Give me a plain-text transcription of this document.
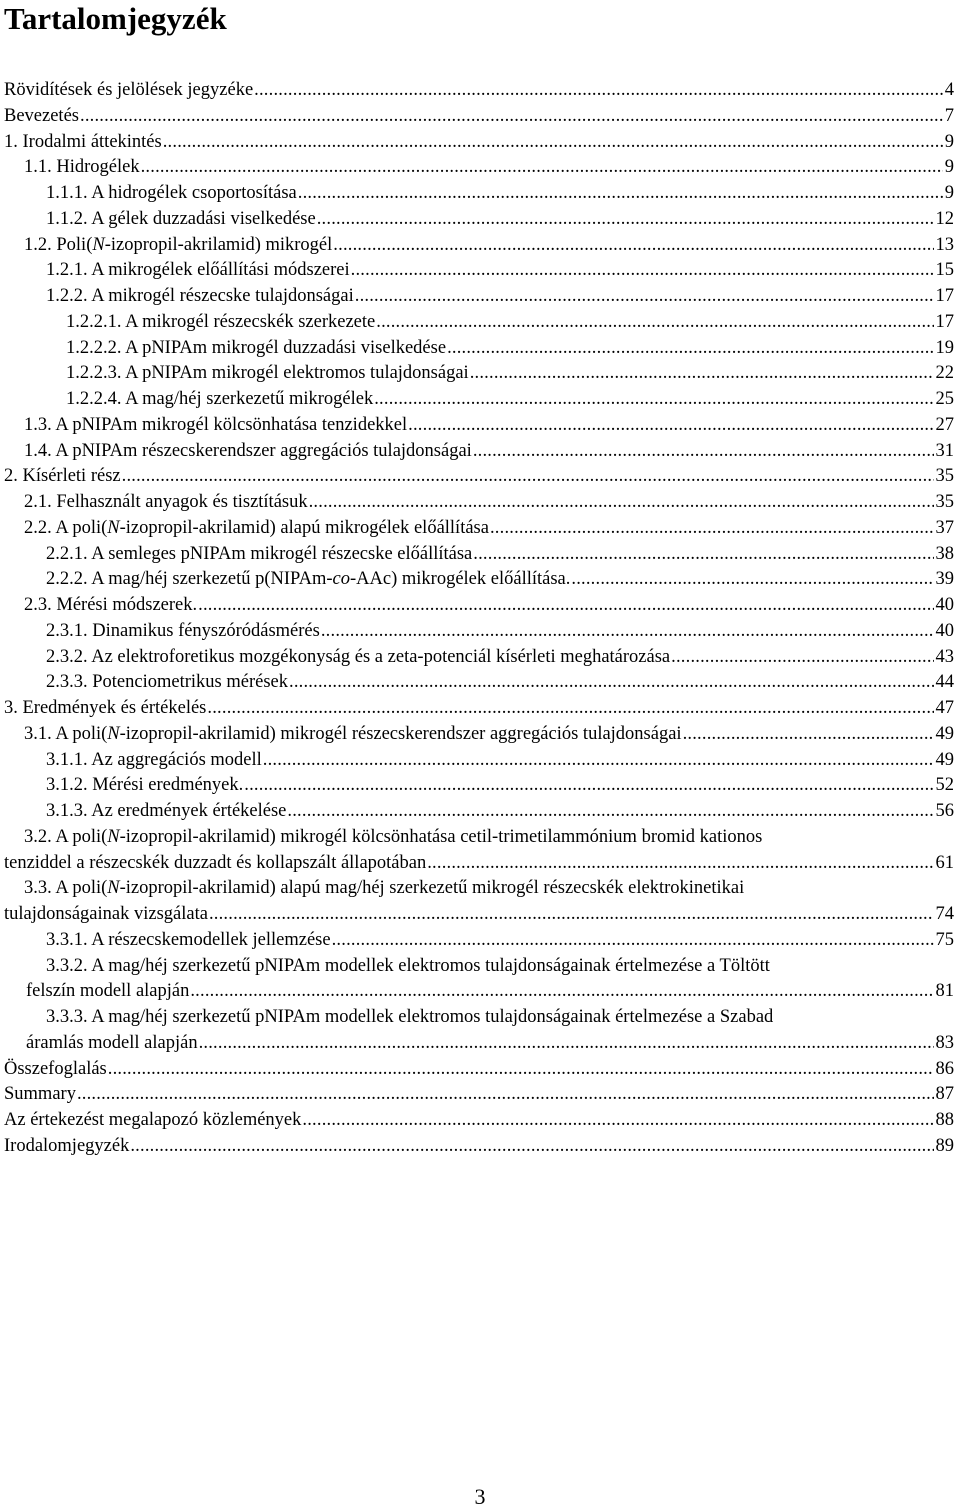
Tartalomjegyzék
Rövidítések és jelölések jegyzéke .....	4
Bevezetés .....	7
1. Irodalmi áttekintés .....	9
1.1. Hidrogélek .....	9
1.1.1. A hidrogélek csoportosítása .....	9
1.1.2. A gélek duzzadási viselkedése .....	12
1.2. Poli(N-izopropil-akrilamid) mikrogél .....	13
1.2.1. A mikrogélek előállítási módszerei .....	15
1.2.2. A mikrogél részecske tulajdonságai .....	17
1.2.2.1. A mikrogél részecskék szerkezete .....	17
1.2.2.2. A pNIPAm mikrogél duzzadási viselkedése .....	19
1.2.2.3. A pNIPAm mikrogél elektromos tulajdonságai .....	22
1.2.2.4. A mag/héj szerkezetű mikrogélek .....	25
1.3. A pNIPAm mikrogél kölcsönhatása tenzidekkel .....	27
1.4. A pNIPAm részecskerendszer aggregációs tulajdonságai .....	31
2. Kísérleti rész .....	35
2.1. Felhasznált anyagok és tisztításuk .....	35
2.2. A poli(N-izopropil-akrilamid) alapú mikrogélek előállítása .....	37
2.2.1. A semleges pNIPAm mikrogél részecske előállítása .....	38
2.2.2. A mag/héj szerkezetű p(NIPAm-co-AAc) mikrogélek előállítása. .....	39
2.3. Mérési módszerek. .....	40
2.3.1. Dinamikus fényszóródásmérés .....	40
2.3.2. Az elektroforetikus mozgékonyság és a zeta-potenciál kísérleti meghatározása .....	43
2.3.3. Potenciometrikus mérések .....	44
3. Eredmények és értékelés .....	47
3.1. A poli(N-izopropil-akrilamid) mikrogél részecskerendszer aggregációs tulajdonságai .....	49
3.1.1. Az aggregációs modell .....	49
3.1.2. Mérési eredmények. .....	52
3.1.3. Az eredmények értékelése .....	56
3.2. A poli(N-izopropil-akrilamid) mikrogél kölcsönhatása cetil-trimetilammónium bromid kationos
tenziddel a részecskék duzzadt és kollapszált állapotában .....	61
3.3. A poli(N-izopropil-akrilamid) alapú mag/héj szerkezetű mikrogél részecskék elektrokinetikai
tulajdonságainak vizsgálata .....	74
3.3.1. A részecskemodellek jellemzése .....	75
3.3.2. A mag/héj szerkezetű pNIPAm modellek elektromos tulajdonságainak értelmezése a Töltött
felszín modell alapján .....	81
3.3.3. A mag/héj szerkezetű pNIPAm modellek elektromos tulajdonságainak értelmezése a Szabad
áramlás modell alapján .....	83
Összefoglalás .....	86
Summary .....	87
Az értekezést megalapozó közlemények .....	88
Irodalomjegyzék .....	89
3
